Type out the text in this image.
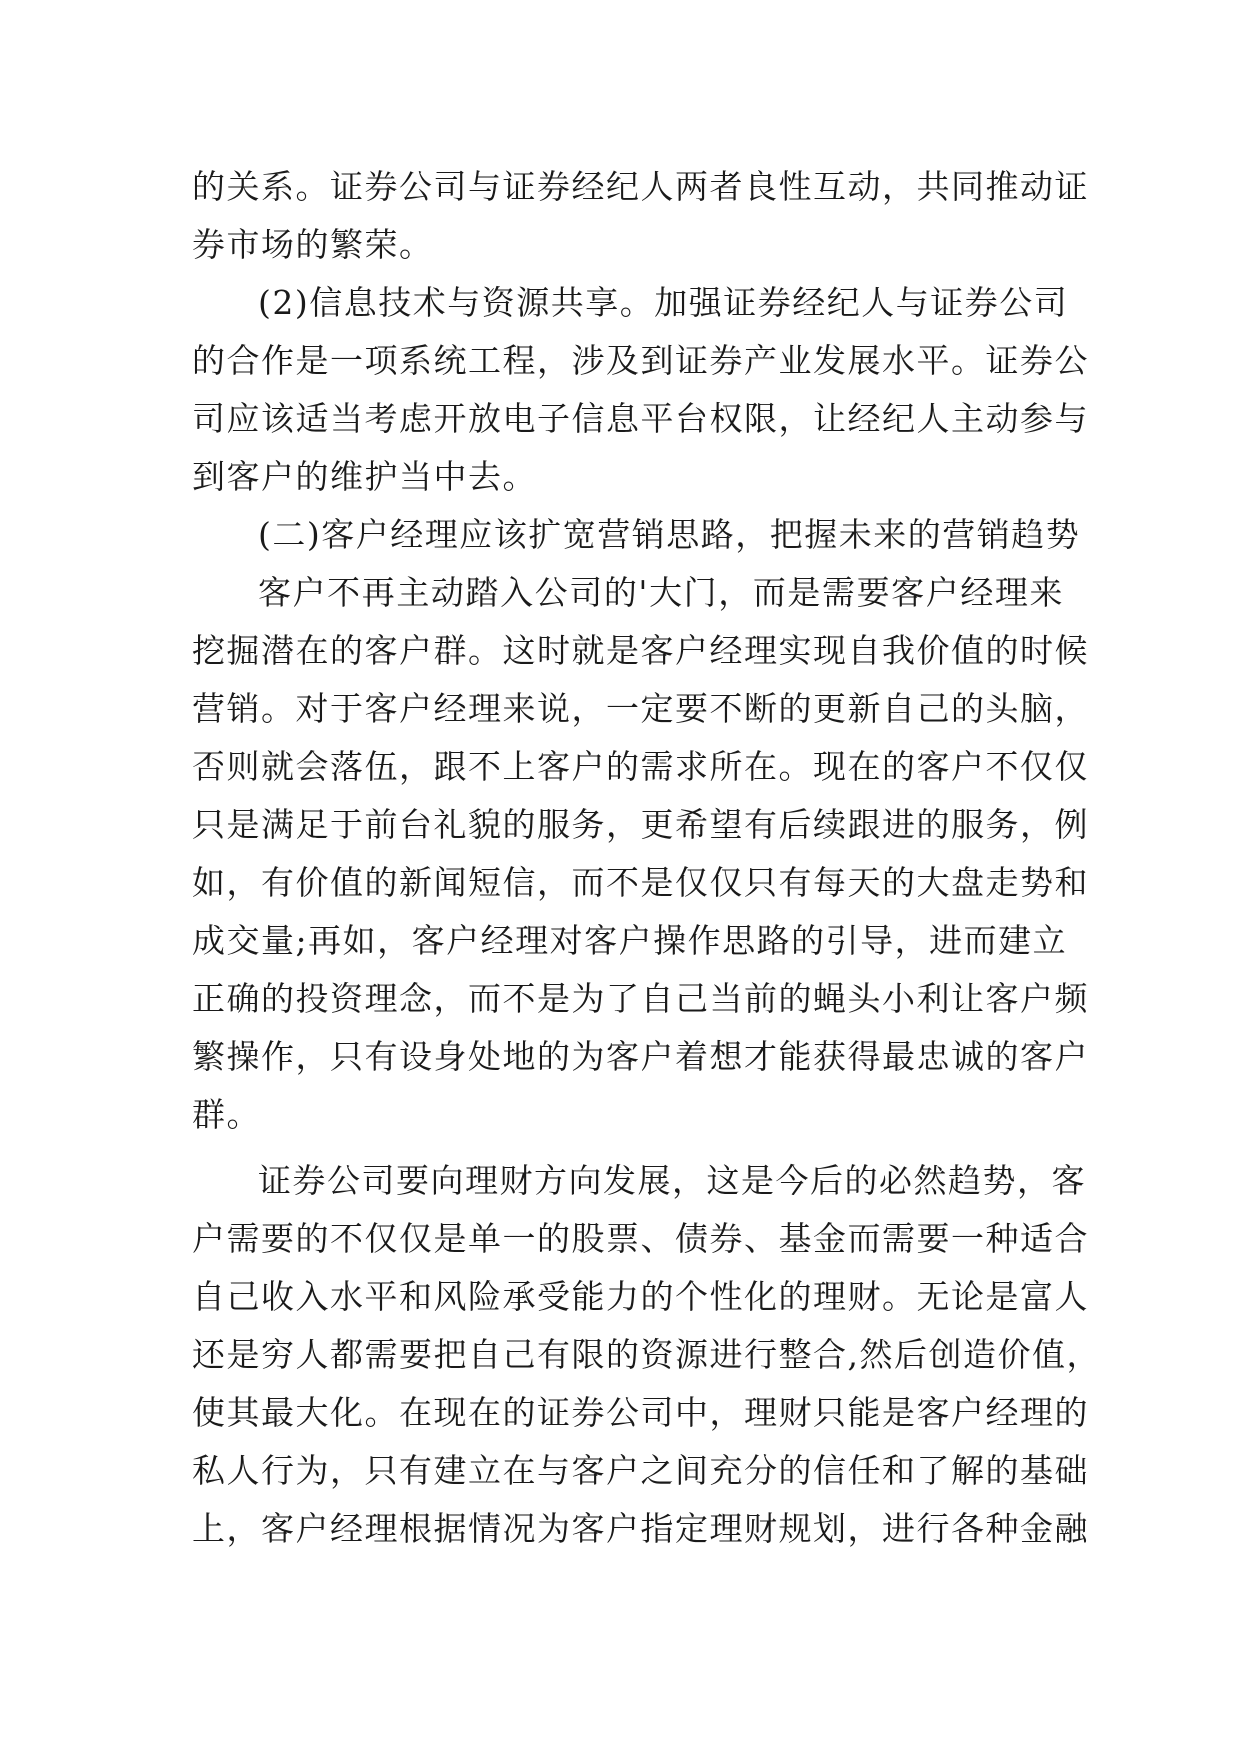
的关系。证券公司与证券经纪人两者良性互动，共同推动证
券市场的繁荣。
(2)信息技术与资源共享。加强证券经纪人与证券公司
的合作是一项系统工程，涉及到证券产业发展水平。证券公
司应该适当考虑开放电子信息平台权限，让经纪人主动参与
到客户的维护当中去。
(二)客户经理应该扩宽营销思路，把握未来的营销趋势
客户不再主动踏入公司的'大门，而是需要客户经理来
挖掘潜在的客户群。这时就是客户经理实现自我价值的时候
营销。对于客户经理来说，一定要不断的更新自己的头脑，
否则就会落伍，跟不上客户的需求所在。现在的客户不仅仅
只是满足于前台礼貌的服务，更希望有后续跟进的服务，例
如，有价值的新闻短信，而不是仅仅只有每天的大盘走势和
成交量;再如，客户经理对客户操作思路的引导，进而建立
正确的投资理念，而不是为了自己当前的蝇头小利让客户频
繁操作，只有设身处地的为客户着想才能获得最忠诚的客户
群。
证券公司要向理财方向发展，这是今后的必然趋势，客
户需要的不仅仅是单一的股票、债券、基金而需要一种适合
自己收入水平和风险承受能力的个性化的理财。无论是富人
还是穷人都需要把自己有限的资源进行整合,然后创造价值，
使其最大化。在现在的证券公司中，理财只能是客户经理的
私人行为，只有建立在与客户之间充分的信任和了解的基础
上，客户经理根据情况为客户指定理财规划，进行各种金融
